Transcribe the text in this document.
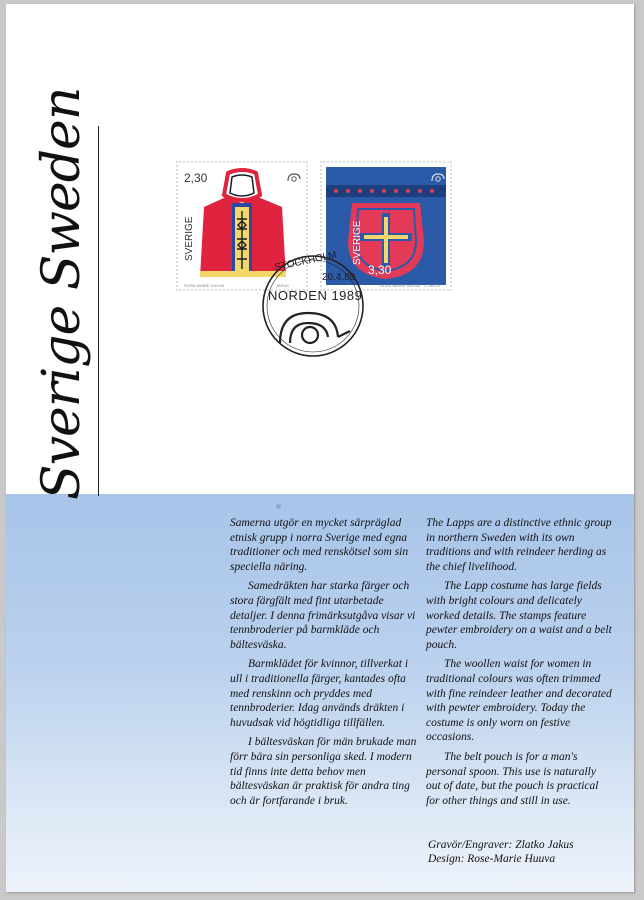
Sverige Sweden	2,30
SVERIGE
ROSE-MARIE HUUVA	JAKUS
3,30
SVERIGE
ROSE-MARIE HUUVA Z.JAKUS
STOCKHOLM
20.4.89
NORDEN 1989

Samerna utgör en mycket särpräglad etnisk grupp i norra Sverige med egna traditioner och med renskötsel som sin speciella näring.

Samedräkten har starka färger och stora färgfält med fint utarbetade detaljer. I denna frimärksutgåva visar vi tennbroderier på barmkläde och bältesväska.

Barmklädet för kvinnor, tillverkat i ull i traditionella färger, kantades ofta med renskinn och pryddes med tennbroderier. Idag används dräkten i huvudsak vid högtidliga tillfällen.

I bältesväskan för män brukade man förr bära sin personliga sked. I modern tid finns inte detta behov men bältesväskan är praktisk för andra ting och är fortfarande i bruk.

The Lapps are a distinctive ethnic group in northern Sweden with its own traditions and with reindeer herding as the chief livelihood.

The Lapp costume has large fields with bright colours and delicately worked details. The stamps feature pewter embroidery on a waist and a belt pouch.

The woollen waist for women in traditional colours was often trimmed with fine reindeer leather and decorated with pewter embroidery. Today the costume is only worn on festive occasions.

The belt pouch is for a man's personal spoon. This use is naturally out of date, but the pouch is practical for other things and still in use.

Gravör/Engraver: Zlatko Jakus
Design: Rose-Marie Huuva
